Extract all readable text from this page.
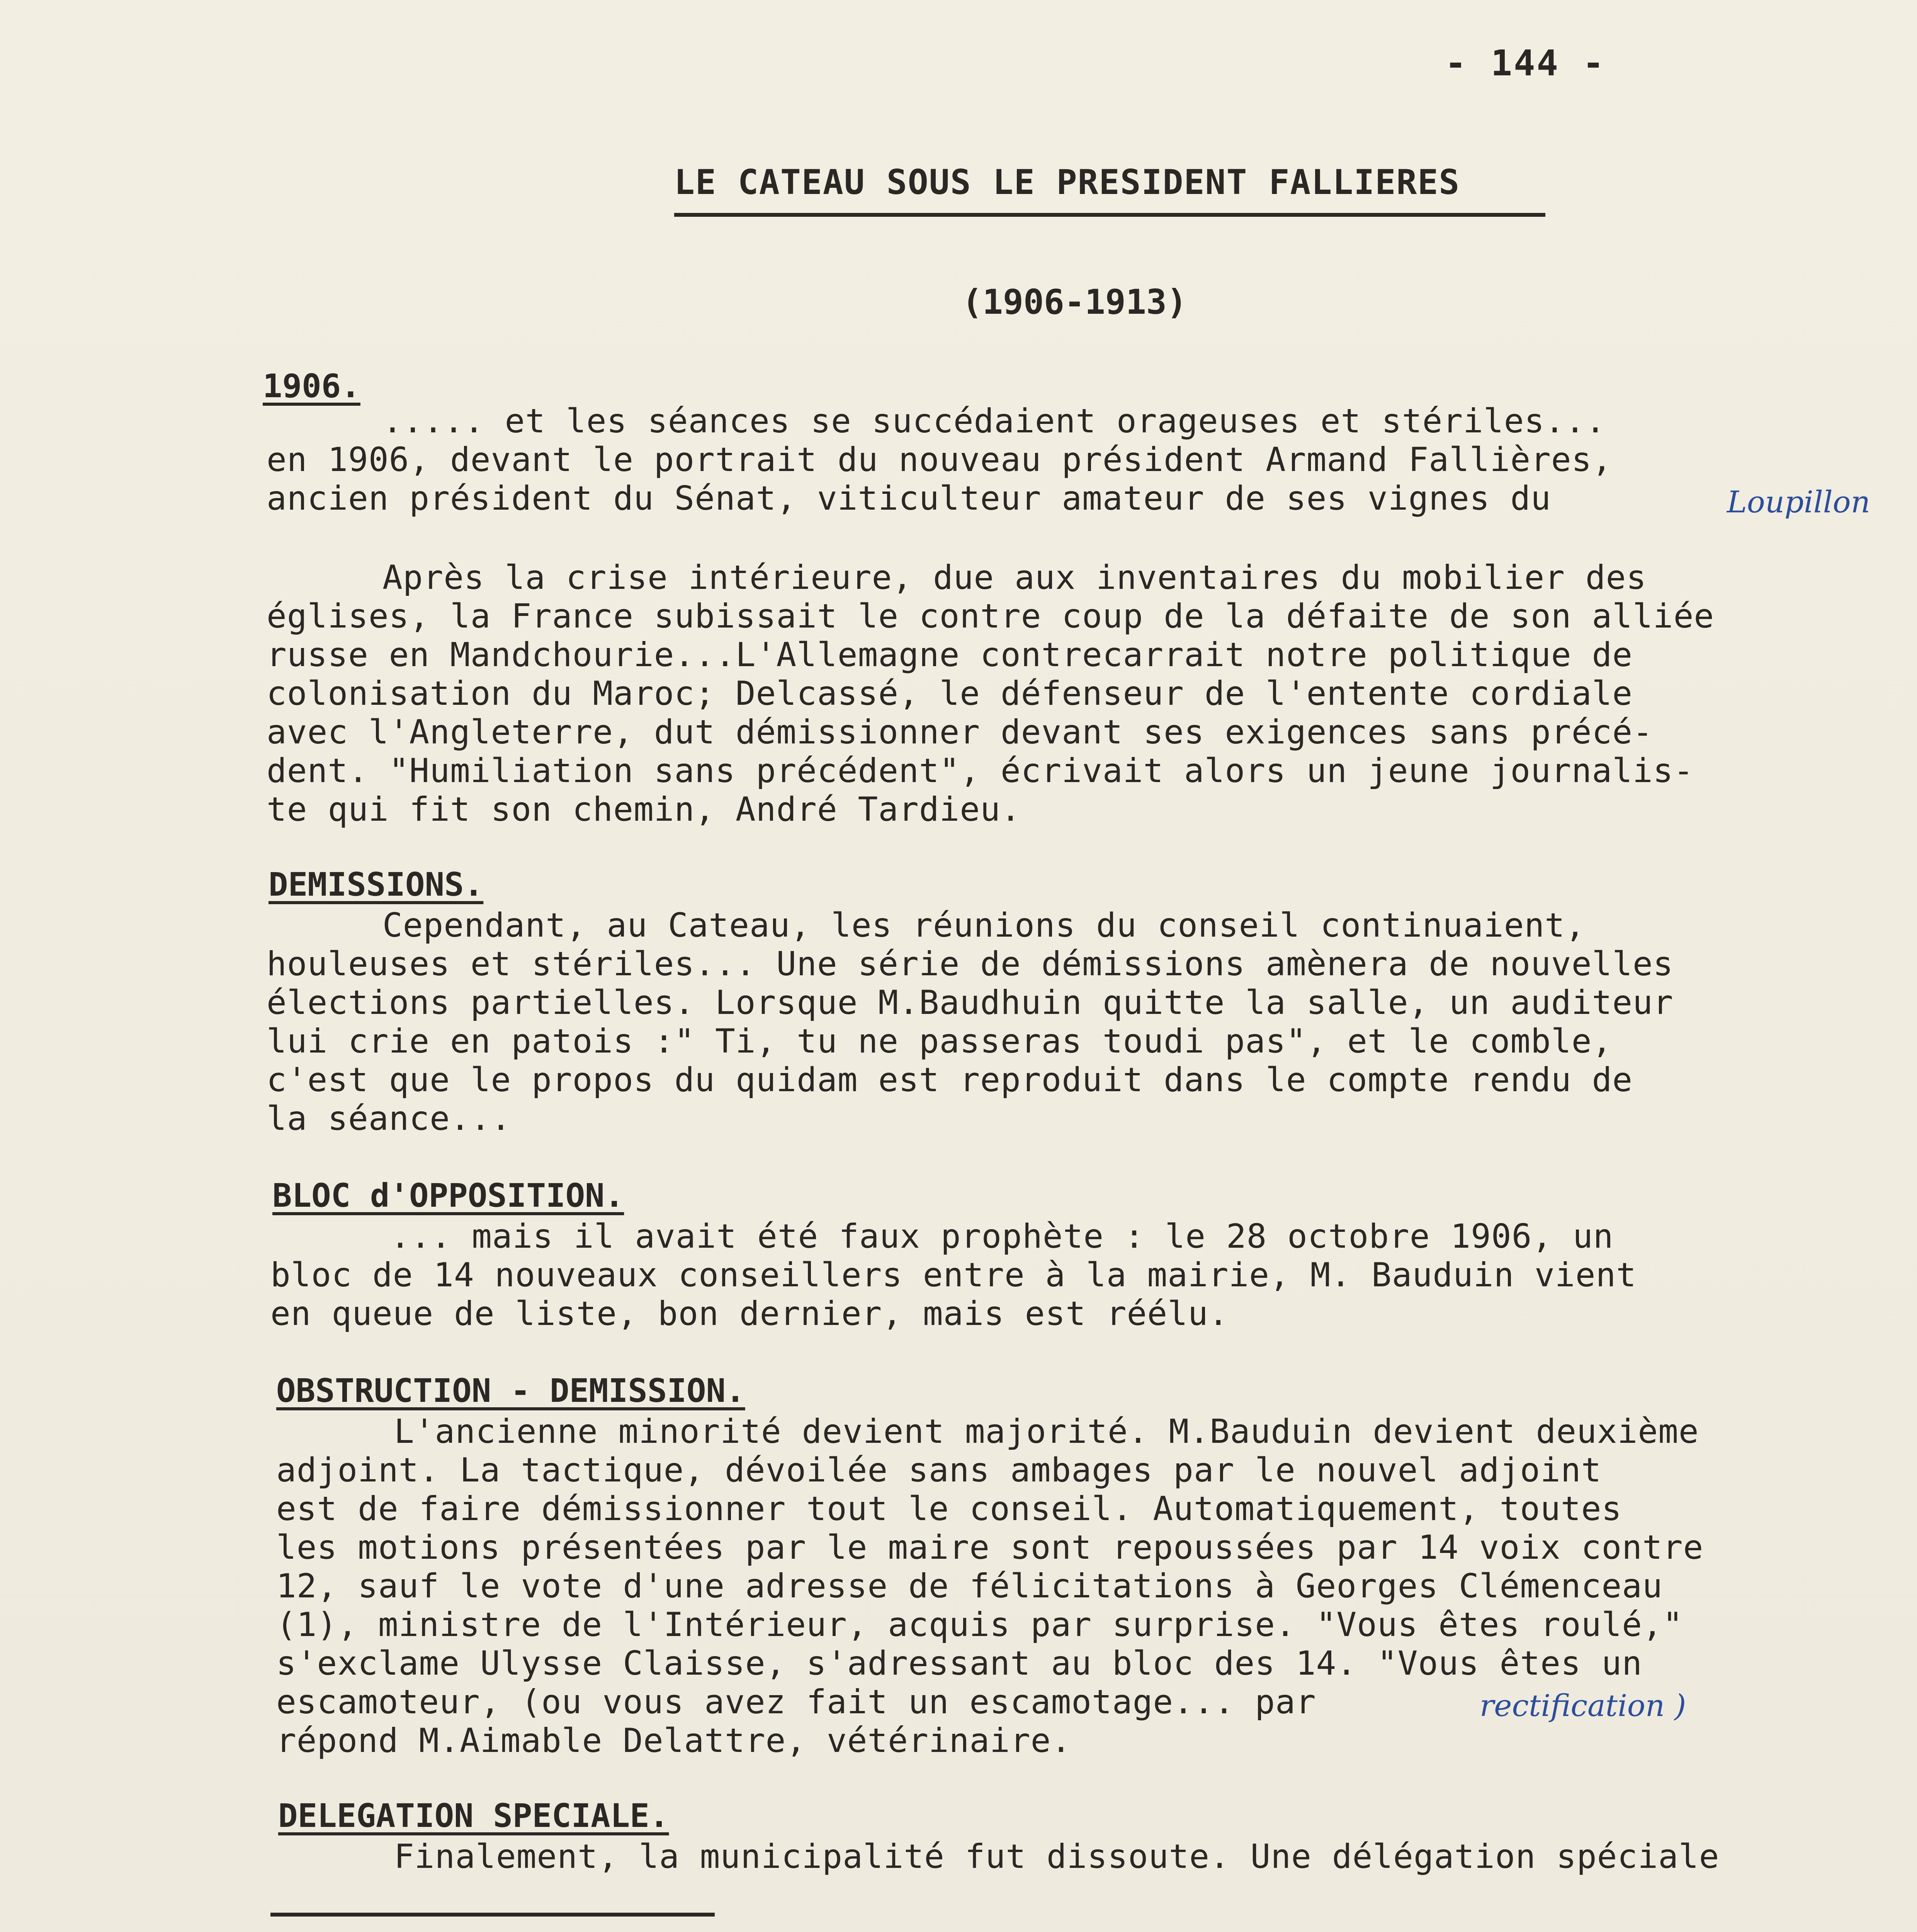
- 144 -
LE CATEAU SOUS LE PRESIDENT FALLIERES
(1906-1913)
1906.
..... et les séances se succédaient orageuses et stériles...
en 1906, devant le portrait du nouveau président Armand Fallières,
ancien président du Sénat, viticulteur amateur de ses vignes du	Loupillon
Après la crise intérieure, due aux inventaires du mobilier des
églises, la France subissait le contre coup de la défaite de son alliée
russe en Mandchourie...L'Allemagne contrecarrait notre politique de
colonisation du Maroc; Delcassé, le défenseur de l'entente cordiale
avec l'Angleterre, dut démissionner devant ses exigences sans précé-
dent. "Humiliation sans précédent", écrivait alors un jeune journalis-
te qui fit son chemin, André Tardieu.
DEMISSIONS.
Cependant, au Cateau, les réunions du conseil continuaient,
houleuses et stériles... Une série de démissions amènera de nouvelles
élections partielles. Lorsque M.Baudhuin quitte la salle, un auditeur
lui crie en patois :" Ti, tu ne passeras toudi pas", et le comble,
c'est que le propos du quidam est reproduit dans le compte rendu de
la séance...
BLOC d'OPPOSITION.
... mais il avait été faux prophète : le 28 octobre 1906, un
bloc de 14 nouveaux conseillers entre à la mairie, M. Bauduin vient
en queue de liste, bon dernier, mais est réélu.
OBSTRUCTION - DEMISSION.
L'ancienne minorité devient majorité. M.Bauduin devient deuxième
adjoint. La tactique, dévoilée sans ambages par le nouvel adjoint
est de faire démissionner tout le conseil. Automatiquement, toutes
les motions présentées par le maire sont repoussées par 14 voix contre
12, sauf le vote d'une adresse de félicitations à Georges Clémenceau
(1), ministre de l'Intérieur, acquis par surprise. "Vous êtes roulé,"
s'exclame Ulysse Claisse, s'adressant au bloc des 14. "Vous êtes un
escamoteur, (ou vous avez fait un escamotage... par	rectification )
répond M.Aimable Delattre, vétérinaire.
DELEGATION SPECIALE.
Finalement, la municipalité fut dissoute. Une délégation spéciale
